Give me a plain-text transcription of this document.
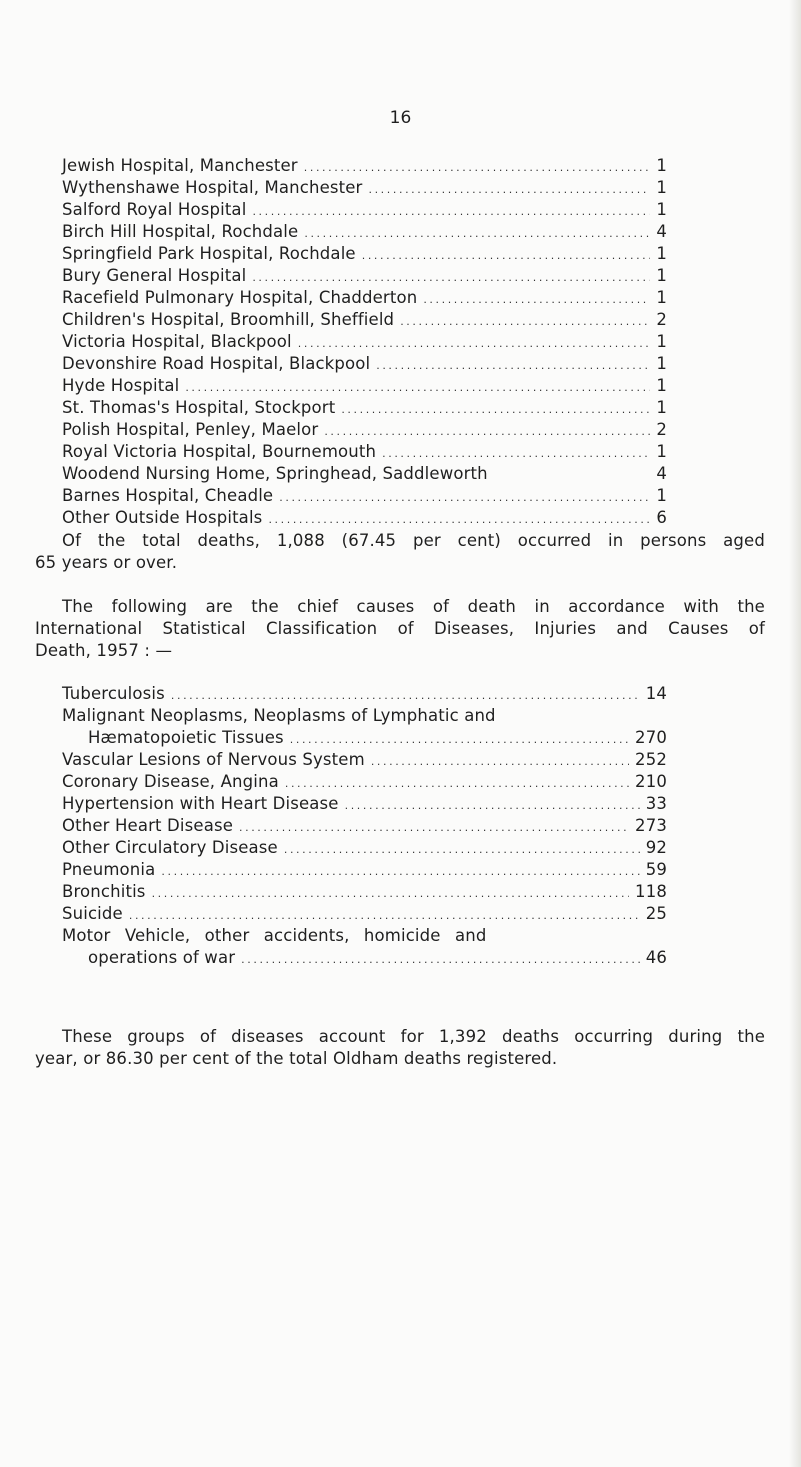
16
Jewish Hospital, Manchester .....	1
Wythenshawe Hospital, Manchester .....	1
Salford Royal Hospital .....	1
Birch Hill Hospital, Rochdale .....	4
Springfield Park Hospital, Rochdale .....	1
Bury General Hospital .....	1
Racefield Pulmonary Hospital, Chadderton .....	1
Children's Hospital, Broomhill, Sheffield .....	2
Victoria Hospital, Blackpool .....	1
Devonshire Road Hospital, Blackpool .....	1
Hyde Hospital .....	1
St. Thomas's Hospital, Stockport .....	1
Polish Hospital, Penley, Maelor .....	2
Royal Victoria Hospital, Bournemouth .....	1
Woodend Nursing Home, Springhead, Saddleworth	4
Barnes Hospital, Cheadle .....	1
Other Outside Hospitals .....	6
Of the total deaths, 1,088 (67.45 per cent) occurred in persons aged
65 years or over.
The following are the chief causes of death in accordance with the
International Statistical Classification of Diseases, Injuries and Causes of
Death, 1957 : —
Tuberculosis .....	14
Malignant Neoplasms, Neoplasms of Lymphatic and
Hæmatopoietic Tissues .....	270
Vascular Lesions of Nervous System .....	252
Coronary Disease, Angina .....	210
Hypertension with Heart Disease .....	33
Other Heart Disease .....	273
Other Circulatory Disease .....	92
Pneumonia .....	59
Bronchitis .....	118
Suicide .....	25
Motor Vehicle, other accidents, homicide and
operations of war .....	46
These groups of diseases account for 1,392 deaths occurring during the
year, or 86.30 per cent of the total Oldham deaths registered.
